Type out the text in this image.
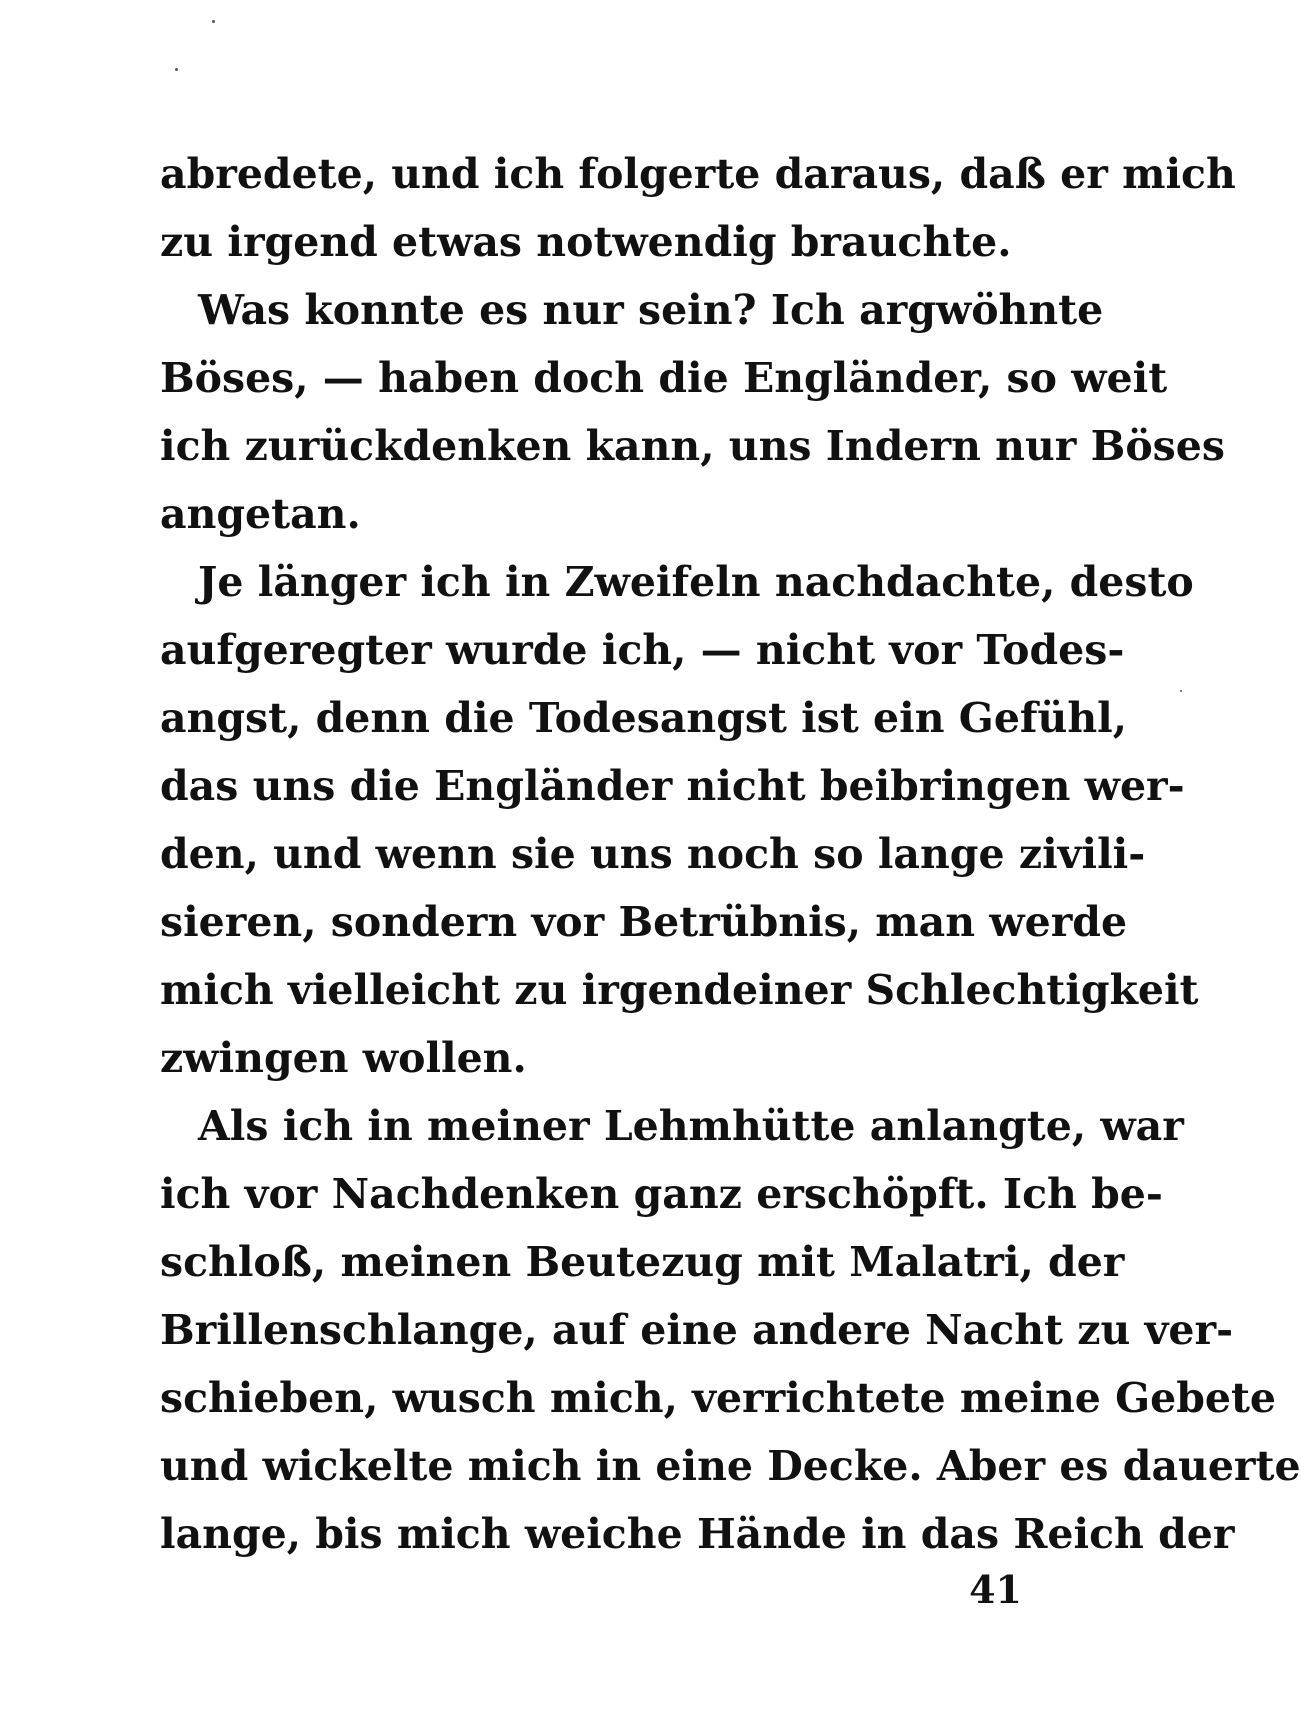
abredete, und ich folgerte daraus, daß er mich
zu irgend etwas notwendig brauchte.
Was konnte es nur sein? Ich argwöhnte
Böses, — haben doch die Engländer, so weit
ich zurückdenken kann, uns Indern nur Böses
angetan.
Je länger ich in Zweifeln nachdachte, desto
aufgeregter wurde ich, — nicht vor Todes-
angst, denn die Todesangst ist ein Gefühl,
das uns die Engländer nicht beibringen wer-
den, und wenn sie uns noch so lange zivili-
sieren, sondern vor Betrübnis, man werde
mich vielleicht zu irgendeiner Schlechtigkeit
zwingen wollen.
Als ich in meiner Lehmhütte anlangte, war
ich vor Nachdenken ganz erschöpft. Ich be-
schloß, meinen Beutezug mit Malatri, der
Brillenschlange, auf eine andere Nacht zu ver-
schieben, wusch mich, verrichtete meine Gebete
und wickelte mich in eine Decke. Aber es dauerte
lange, bis mich weiche Hände in das Reich der
41
